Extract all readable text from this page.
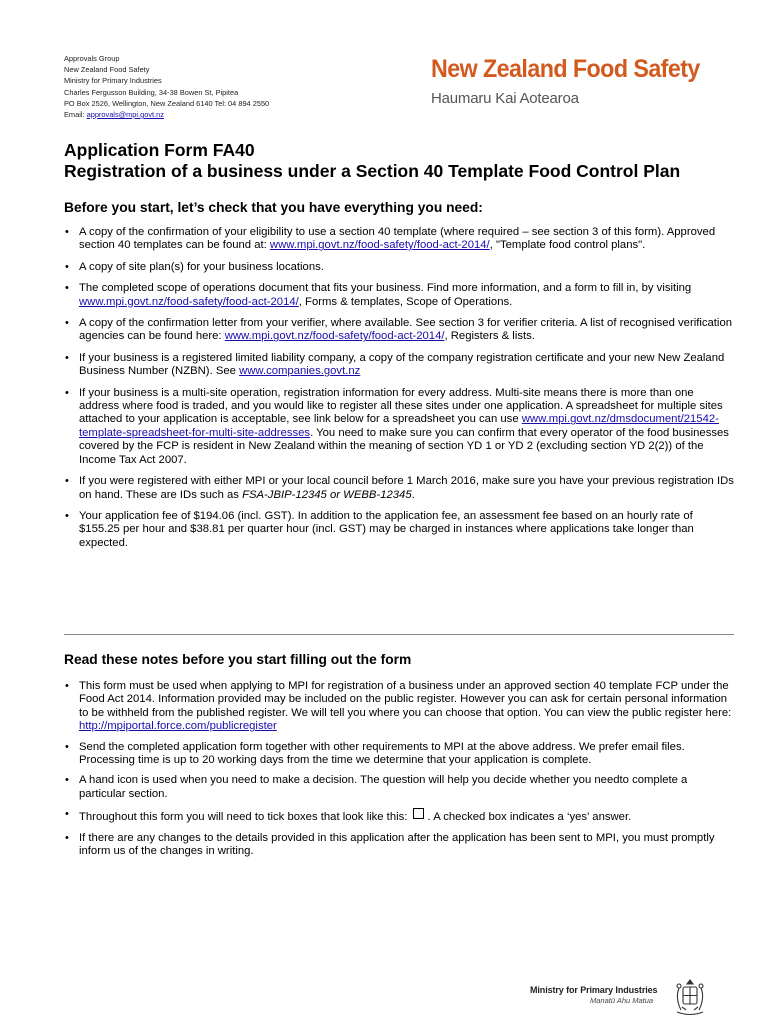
Approvals Group
New Zealand Food Safety
Ministry for Primary Industries
Charles Fergusson Building, 34-38 Bowen St, Pipitea
PO Box 2526, Wellington, New Zealand 6140 Tel: 04 894 2550
Email: approvals@mpi.govt.nz
New Zealand Food Safety
Haumaru Kai Aotearoa
Application Form FA40
Registration of a business under a Section 40 Template Food Control Plan
Before you start, let’s check that you have everything you need:
• A copy of the confirmation of your eligibility to use a section 40 template (where required – see section 3 of this form). Approved section 40 templates can be found at: www.mpi.govt.nz/food-safety/food-act-2014/, "Template food control plans".
• A copy of site plan(s) for your business locations.
• The completed scope of operations document that fits your business. Find more information, and a form to fill in, by visiting www.mpi.govt.nz/food-safety/food-act-2014/, Forms & templates, Scope of Operations.
• A copy of the confirmation letter from your verifier, where available. See section 3 for verifier criteria. A list of recognised verification agencies can be found here: www.mpi.govt.nz/food-safety/food-act-2014/, Registers & lists.
• If your business is a registered limited liability company, a copy of the company registration certificate and your new New Zealand Business Number (NZBN). See www.companies.govt.nz
• If your business is a multi-site operation, registration information for every address. Multi-site means there is more than one address where food is traded, and you would like to register all these sites under one application. A spreadsheet for multiple sites attached to your application is acceptable, see link below for a spreadsheet you can use www.mpi.govt.nz/dmsdocument/21542-template-spreadsheet-for-multi-site-addresses. You need to make sure you can confirm that every operator of the food businesses covered by the FCP is resident in New Zealand within the meaning of section YD 1 or YD 2 (excluding section YD 2(2)) of the Income Tax Act 2007.
• If you were registered with either MPI or your local council before 1 March 2016, make sure you have your previous registration IDs on hand. These are IDs such as FSA-JBIP-12345 or WEBB-12345.
• Your application fee of $194.06 (incl. GST). In addition to the application fee, an assessment fee based on an hourly rate of $155.25 per hour and $38.81 per quarter hour (incl. GST) may be charged in instances where applications take longer than expected.
Read these notes before you start filling out the form
• This form must be used when applying to MPI for registration of a business under an approved section 40 template FCP under the Food Act 2014. Information provided may be included on the public register. However you can ask for certain personal information to be withheld from the published register. We will tell you where you can choose that option. You can view the public register here: http://mpiportal.force.com/publicregister
• Send the completed application form together with other requirements to MPI at the above address. We prefer email files. Processing time is up to 20 working days from the time we determine that your application is complete.
• A hand icon is used when you need to make a decision. The question will help you decide whether you needto complete a particular section.
• Throughout this form you will need to tick boxes that look like this: . A checked box indicates a ‘yes’ answer.
• If there are any changes to the details provided in this application after the application has been sent to MPI, you must promptly inform us of the changes in writing.
Ministry for Primary Industries
Manatū Ahu Matua
